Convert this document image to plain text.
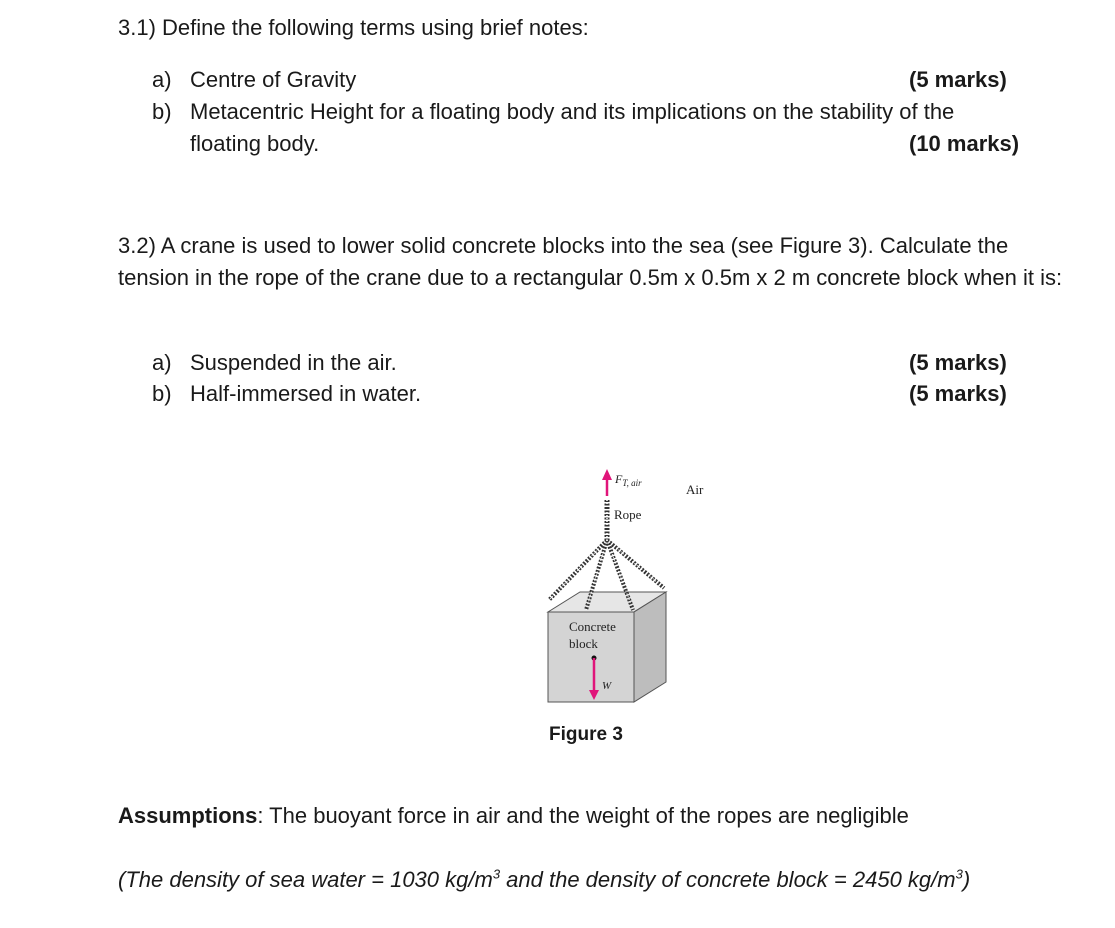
3.1) Define the following terms using brief notes:
a) Centre of Gravity	(5 marks)
b) Metacentric Height for a floating body and its implications on the stability of the
floating body.	(10 marks)
3.2) A crane is used to lower solid concrete blocks into the sea (see Figure 3). Calculate the tension in the rope of the crane due to a rectangular 0.5m x 0.5m x 2 m concrete block when it is:
a) Suspended in the air.	(5 marks)
b) Half-immersed in water.	(5 marks)
$F_{T, air}$	Air
Rope
Concrete
block
W
Figure 3
Assumptions: The buoyant force in air and the weight of the ropes are negligible
(The density of sea water = 1030 $kg/m^3$ and the density of concrete block = 2450 $kg/m^3$)
